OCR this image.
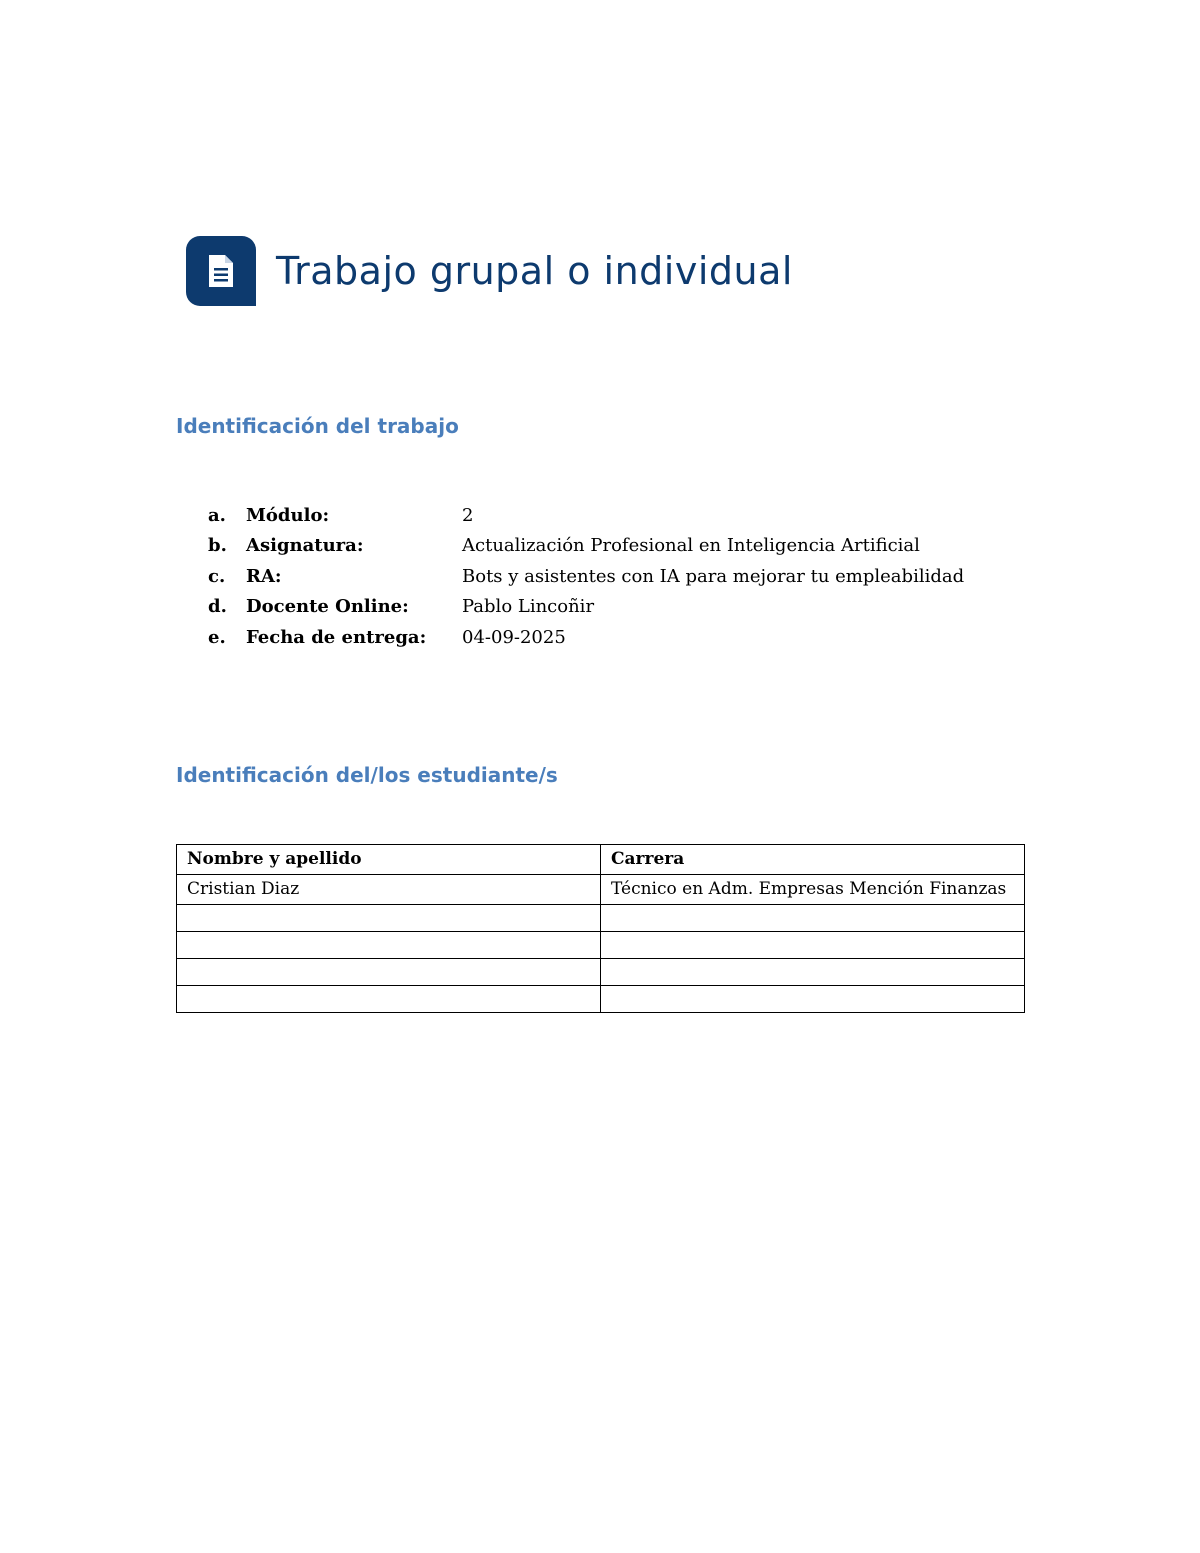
Trabajo grupal o individual
Identificación del trabajo
a.	Módulo:	2
b.	Asignatura:	Actualización Profesional en Inteligencia Artificial
c.	RA:	Bots y asistentes con IA para mejorar tu empleabilidad
d.	Docente Online:	Pablo Lincoñir
e.	Fecha de entrega:	04-09-2025
Identificación del/los estudiante/s
Nombre y apellido	Carrera
Cristian Diaz	Técnico en Adm. Empresas Mención Finanzas
